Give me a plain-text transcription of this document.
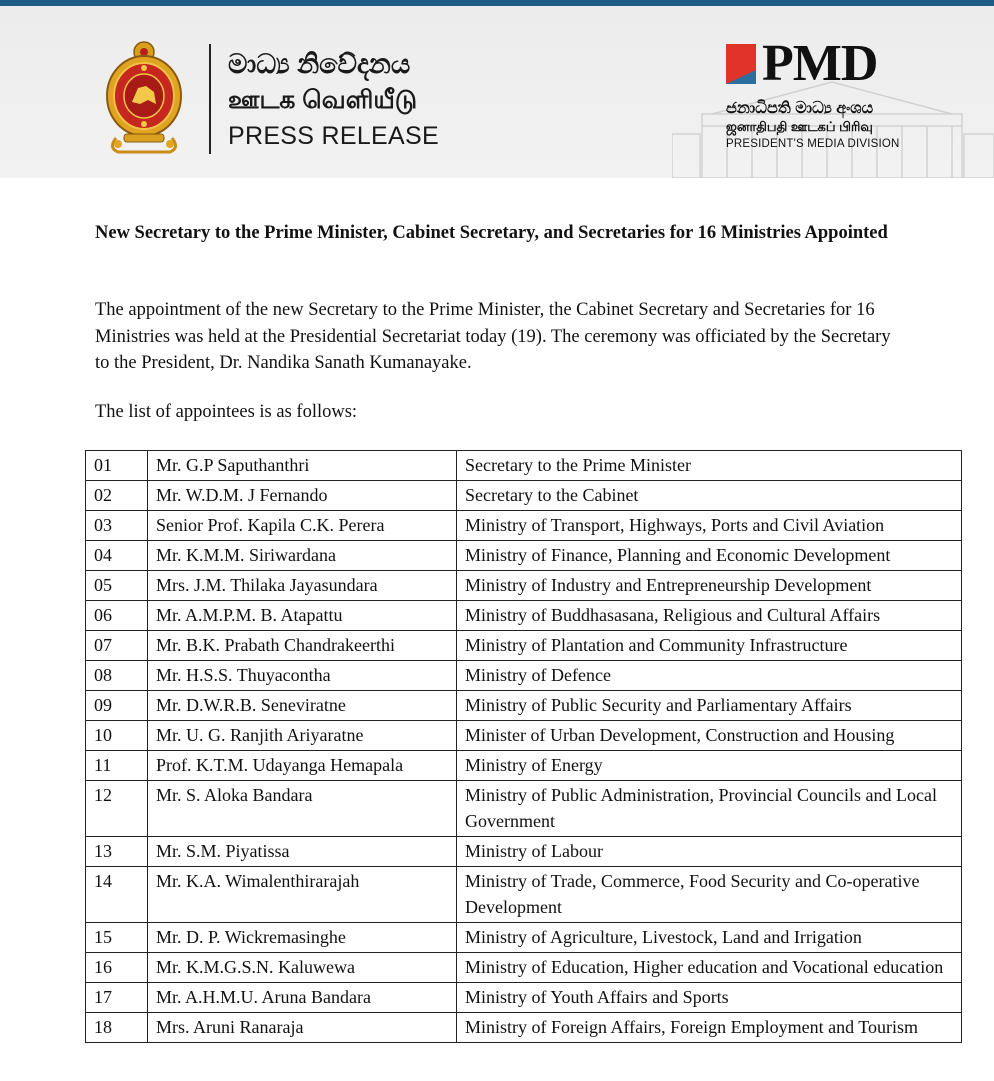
මාධ්‍ය නිවේදනය
ஊடக வெளியீடு
PRESS RELEASE
PMD
ජනාධිපති මාධ්‍ය අංශය
ஜனாதிபதி ஊடகப் பிரிவு
PRESIDENT'S MEDIA DIVISION
New Secretary to the Prime Minister, Cabinet Secretary, and Secretaries for 16 Ministries Appointed
The appointment of the new Secretary to the Prime Minister, the Cabinet Secretary and Secretaries for 16 Ministries was held at the Presidential Secretariat today (19). The ceremony was officiated by the Secretary to the President, Dr. Nandika Sanath Kumanayake.
The list of appointees is as follows:
01	Mr. G.P Saputhanthri	Secretary to the Prime Minister
02	Mr. W.D.M. J Fernando	Secretary to the Cabinet
03	Senior Prof. Kapila C.K. Perera	Ministry of Transport, Highways, Ports and Civil Aviation
04	Mr. K.M.M. Siriwardana	Ministry of Finance, Planning and Economic Development
05	Mrs. J.M. Thilaka Jayasundara	Ministry of Industry and Entrepreneurship Development
06	Mr. A.M.P.M. B. Atapattu	Ministry of Buddhasasana, Religious and Cultural Affairs
07	Mr. B.K. Prabath Chandrakeerthi	Ministry of Plantation and Community Infrastructure
08	Mr. H.S.S. Thuyacontha	Ministry of Defence
09	Mr. D.W.R.B. Seneviratne	Ministry of Public Security and Parliamentary Affairs
10	Mr. U. G. Ranjith Ariyaratne	Minister of Urban Development, Construction and Housing
11	Prof. K.T.M. Udayanga Hemapala	Ministry of Energy
12	Mr. S. Aloka Bandara	Ministry of Public Administration, Provincial Councils and Local Government
13	Mr. S.M. Piyatissa	Ministry of Labour
14	Mr. K.A. Wimalenthirarajah	Ministry of Trade, Commerce, Food Security and Co-operative Development
15	Mr. D. P. Wickremasinghe	Ministry of Agriculture, Livestock, Land and Irrigation
16	Mr. K.M.G.S.N. Kaluwewa	Ministry of Education, Higher education and Vocational education
17	Mr. A.H.M.U. Aruna Bandara	Ministry of Youth Affairs and Sports
18	Mrs. Aruni Ranaraja	Ministry of Foreign Affairs, Foreign Employment and Tourism
